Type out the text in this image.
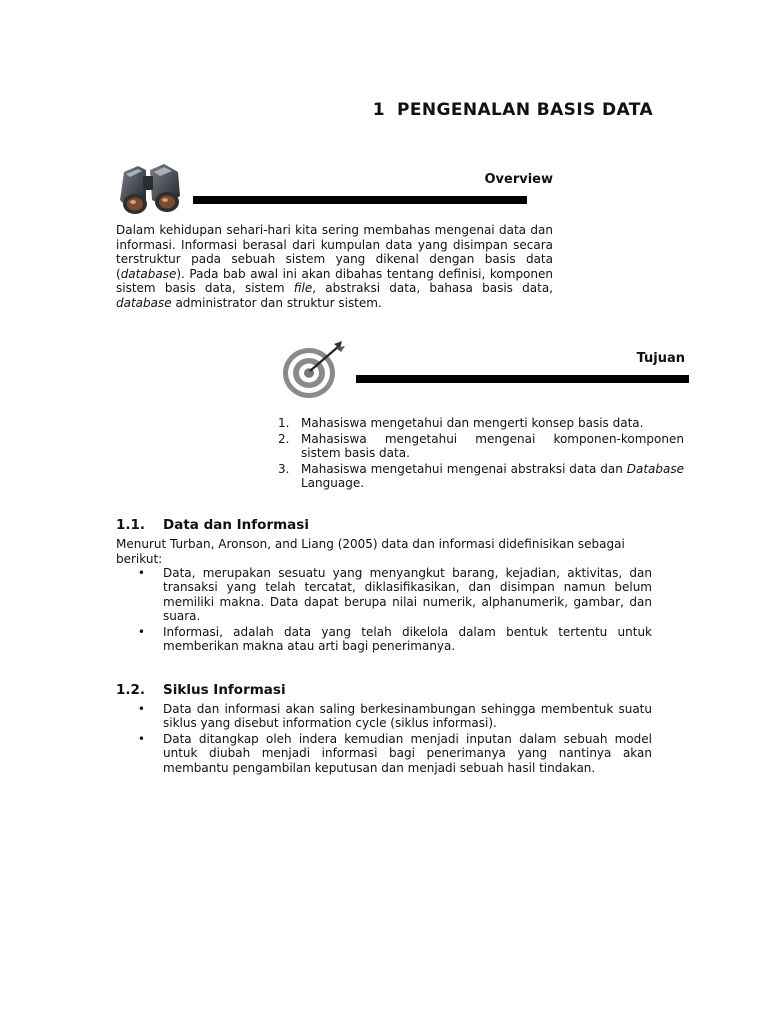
1 PENGENALAN BASIS DATA
Overview
Dalam kehidupan sehari-hari kita sering membahas mengenai data dan informasi. Informasi berasal dari kumpulan data yang disimpan secara terstruktur pada sebuah sistem yang dikenal dengan basis data (database). Pada bab awal ini akan dibahas tentang definisi, komponen sistem basis data, sistem file, abstraksi data, bahasa basis data, database administrator dan struktur sistem.
Tujuan
1. Mahasiswa mengetahui dan mengerti konsep basis data.
2. Mahasiswa mengetahui mengenai komponen-komponen sistem basis data.
3. Mahasiswa mengetahui mengenai abstraksi data dan Database Language.
1.1. Data dan Informasi
Menurut Turban, Aronson, and Liang (2005) data dan informasi didefinisikan sebagai berikut:
• Data, merupakan sesuatu yang menyangkut barang, kejadian, aktivitas, dan transaksi yang telah tercatat, diklasifikasikan, dan disimpan namun belum memiliki makna. Data dapat berupa nilai numerik, alphanumerik, gambar, dan suara.
• Informasi, adalah data yang telah dikelola dalam bentuk tertentu untuk memberikan makna atau arti bagi penerimanya.
1.2. Siklus Informasi
• Data dan informasi akan saling berkesinambungan sehingga membentuk suatu siklus yang disebut information cycle (siklus informasi).
• Data ditangkap oleh indera kemudian menjadi inputan dalam sebuah model untuk diubah menjadi informasi bagi penerimanya yang nantinya akan membantu pengambilan keputusan dan menjadi sebuah hasil tindakan.
